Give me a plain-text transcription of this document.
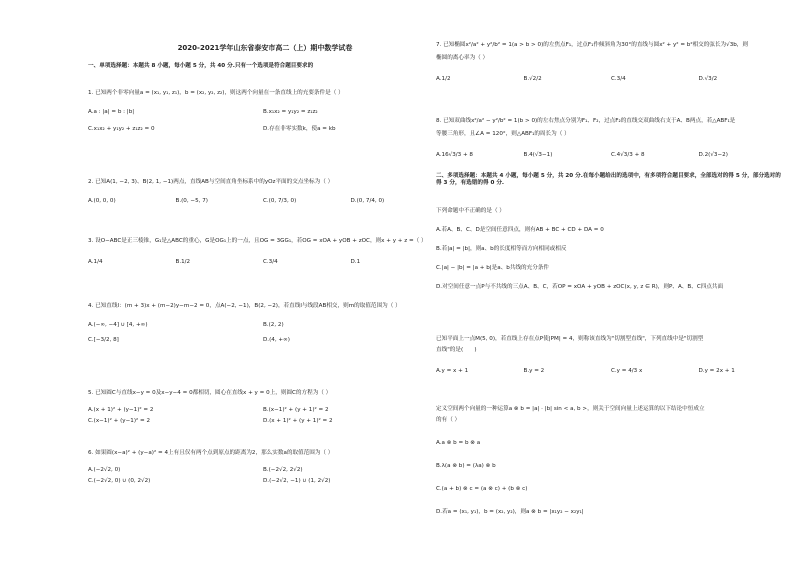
2020-2021学年山东省泰安市高二（上）期中数学试卷
一、单项选择题：本题共 8 小题，每小题 5 分，共 40 分.只有一个选项是符合题目要求的
1. 已知两个非零向量a = (x₁, y₁, z₁)，b = (x₂, y₂, z₂)，则这两个向量在一条直线上的充要条件是（ ）
A.a : |a| = b : |b|	B.x₁x₂ = y₁y₂ = z₁z₂
C.x₁x₂ + y₁y₂ + z₁z₂ = 0	D.存在非零实数k，使a = kb
2. 已知A(1, −2, 3)、B(2, 1, −1)两点，直线AB与空间直角坐标系中的yOz平面的交点坐标为（ ）
A.(0, 0, 0)	B.(0, −5, 7)	C.(0, 7/3, 0)	D.(0, 7/4, 0)
3. 设O−ABC是正三棱锥，G₁是△ABC的重心，G是OG₁上的一点，且OG = 3GG₁，若OG = xOA + yOB + zOC，则x + y + z =（ ）
A.1/4	B.1/2	C.3/4	D.1
4. 已知直线l：(m + 3)x + (m−2)y−m−2 = 0，点A(−2, −1)，B(2, −2)，若直线l与线段AB相交，则m的取值范围为（ ）
A.(−∞, −4] ∪ [4, +∞)	B.(2, 2)
C.[−3/2, 8]	D.(4, +∞)
5. 已知圆C与直线x−y = 0及x−y−4 = 0都相切，圆心在直线x + y = 0上，则圆C的方程为（ ）
A.(x + 1)² + (y−1)² = 2	B.(x−1)² + (y + 1)² = 2
C.(x−1)² + (y−1)² = 2	D.(x + 1)² + (y + 1)² = 2
6. 如果圆(x−a)² + (y−a)² = 4上有且仅有两个点到原点的距离为2，那么实数a的取值范围为（ ）
A.(−2√2, 0)	B.(−2√2, 2√2)
C.(−2√2, 0) ∪ (0, 2√2)	D.(−2√2, −1) ∪ (1, 2√2)
7. 已知椭圆x²/a² + y²/b² = 1(a > b > 0)的左焦点F₁，过点F₁作倾斜角为30°的直线与圆x² + y² = b²相交的弦长为√3b，则
椭圆的离心率为（ ）
A.1/2	B.√2/2	C.3/4	D.√3/2
8. 已知双曲线x²/a² − y²/b² = 1(b > 0)的左右焦点分别为F₁、F₂，过点F₂的直线交双曲线右支于A、B两点，若△ABF₁是
等腰三角形，且∠A = 120°，则△ABF₁的周长为（ ）
A.16√3/3 + 8	B.4(√3−1)	C.4√3/3 + 8	D.2(√3−2)
二、多项选择题：本题共 4 小题，每小题 5 分，共 20 分.在每小题给出的选项中，有多项符合题目要求，全部选对的得 5 分，部分选对的得 3 分，有选错的得 0 分.
下列命题中不正确的是（ ）
A.若A、B、C、D是空间任意四点，则有AB + BC + CD + DA = 0
B.若|a| = |b|，则a、b的长度相等而方向相同或相反
C.|a| − |b| = |a + b|是a、b共线的充分条件
D.对空间任意一点P与不共线的三点A、B、C，若OP = xOA + yOB + zOC(x, y, z ∈ R)，则P、A、B、C四点共面
已知平面上一点M(5, 0)，若直线上存在点P使|PM| = 4，则称该直线为"切割型直线"，下列直线中是"切割型
直线"的是(　　)
A.y = x + 1	B.y = 2	C.y = 4/3 x	D.y = 2x + 1
定义空间两个向量的一种运算a ⊗ b = |a| · |b| sin < a, b >，则关于空间向量上述运算的以下结论中恒成立
的有（ ）
A.a ⊗ b = b ⊗ a
B.λ(a ⊗ b) = (λa) ⊗ b
C.(a + b) ⊗ c = (a ⊗ c) + (b ⊗ c)
D.若a = (x₁, y₁)，b = (x₂, y₂)，则a ⊗ b = |x₁y₂ − x₂y₁|
